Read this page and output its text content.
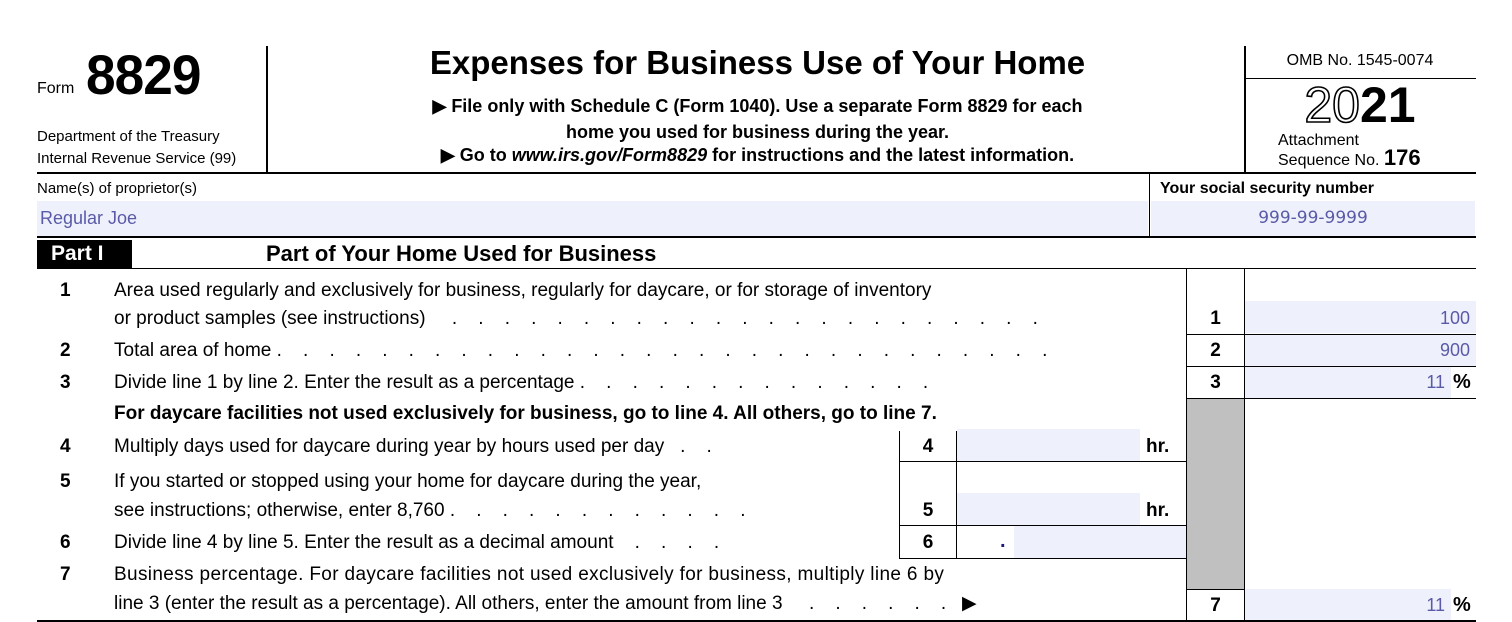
Form 8829
Department of the Treasury
Internal Revenue Service (99)
Expenses for Business Use of Your Home
▶ File only with Schedule C (Form 1040). Use a separate Form 8829 for each
home you used for business during the year.
▶ Go to www.irs.gov/Form8829 for instructions and the latest information.
OMB No. 1545-0074
2021
Attachment
Sequence No. 176
Name(s) of proprietor(s)
Regular Joe
Your social security number
999-99-9999
Part I	Part of Your Home Used for Business
1 Area used regularly and exclusively for business, regularly for daycare, or for storage of inventory
or product samples (see instructions)     .    .    .    .    .    .    .    .    .    .    .    .    .    .    .    .    .    .    .    .    .    .    .	1	100
2 Total area of home .    .    .    .    .    .    .    .    .    .    .    .    .    .    .    .    .    .    .    .    .    .    .    .    .    .    .    .    .    .	2	900
3 Divide line 1 by line 2. Enter the result as a percentage .    .    .    .    .    .    .    .    .    .    .    .    .    .	3	11 %
For daycare facilities not used exclusively for business, go to line 4. All others, go to line 7.
4 Multiply days used for daycare during year by hours used per day   .    .	4	hr.
5 If you started or stopped using your home for daycare during the year,
see instructions; otherwise, enter 8,760 .    .    .    .    .    .    .    .    .    .    .    .	5	hr.
6 Divide line 4 by line 5. Enter the result as a decimal amount    .    .    .    .	6	.
7 Business percentage. For daycare facilities not used exclusively for business, multiply line 6 by
line 3 (enter the result as a percentage). All others, enter the amount from line 3     .    .    .    .    .    .   ▶	7	11 %
